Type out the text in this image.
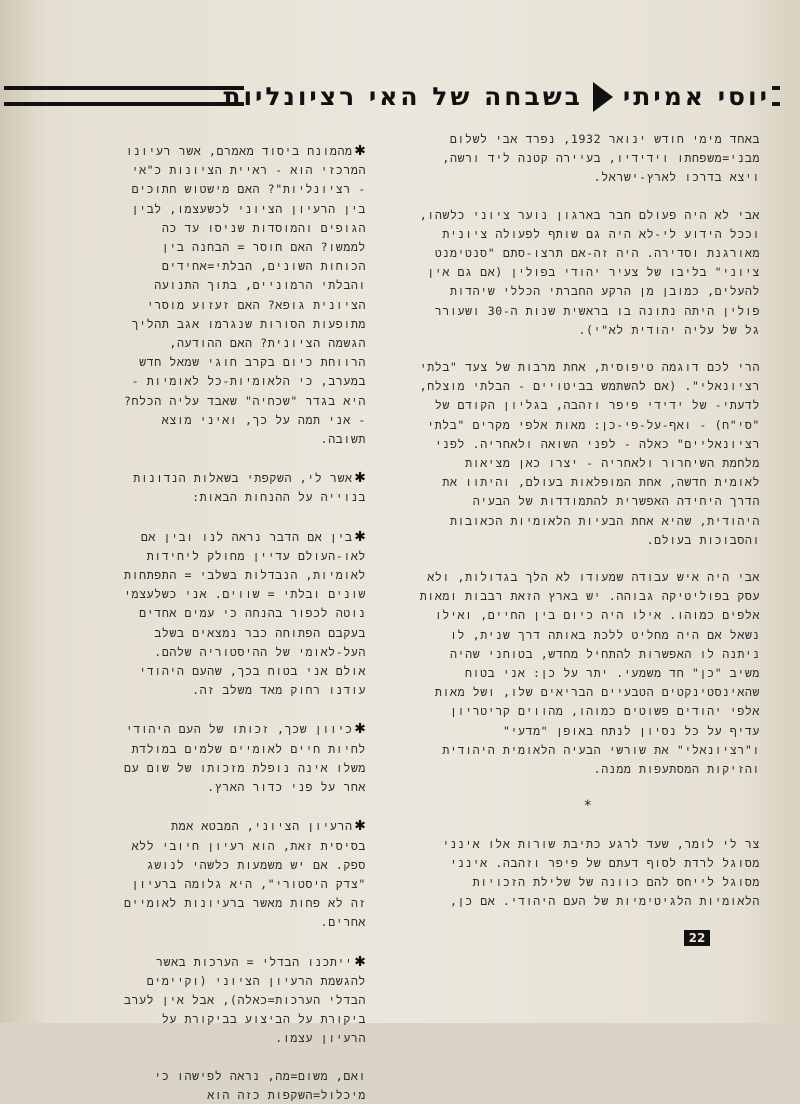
יוסי אמיתי
בשבחה של האי רציונליות

באחד מימי חודש ינואר 1932, נפרד אבי לשלום מבני=משפחתו וידידיו, בעיירה קטנה ליד ורשה, ויצא בדרכו לארץ-ישראל.

אבי לא היה פעולם חבר בארגון נוער ציוני כלשהו, וככל הידוע לי-לא היה גם שותף לפעולה ציונית מאורגנת וסדירה. היה זה-אם תרצו-סתם "סנטימנט ציוני" בליבו של צעיר יהודי בפולין (אם גם אין להעלים, כמובן מן הרקע החברתי הכללי שיהדות פולין היתה נתונה בו בראשית שנות ה-30 ושעורר גל של עליה יהודית לא"י).

הרי לכם דוגמה טיפוסית, אחת מרבות של צעד "בלתי רציונאלי". (אם להשתמש בביטויים - הבלתי מוצלח, לדעתי- של ידידי פיפר וזהבה, בגליון הקודם של "סי"ח) - ואף-על-פי-כן: מאות אלפי מקרים "בלתי רציונאליים" כאלה - לפני השואה ולאחריה. לפני מלחמת השיחרור ולאחריה - יצרו כאן מציאות לאומית חדשה, אחת המופלאות בעולם, והיתוו את הדרך היחידה האפשרית להתמודדות של הבעיה היהודית, שהיא אחת הבעיות הלאומיות הכאובות והסבוכות בעולם.

אבי היה איש עבודה שמעודו לא הלך בגדולות, ולא עסק בפוליטיקה גבוהה. יש בארץ הזאת רבבות ומאות אלפים כמוהו. אילו היה כיום בין החיים, ואילו נשאל אם היה מחליט ללכת באותה דרך שנית, לו ניתנה לו האפשרות להתחיל מחדש, בטוחני שהיה משיב "כן" חד משמעי. יתר על כן: אני בטוח שהאינסטינקטים הטבעיים הבריאים שלו, ושל מאות אלפי יהודים פשוטים כמוהו, מהווים קריטריון עדיף על כל נסיון לנתח באופן "מדעי" ו"רציונאלי" את שורשי הבעיה הלאומית היהודית והזיקות המסתעפות ממנה.

*

צר לי לומר, שעד לרגע כתיבת שורות אלו אינני מסוגל לרדת לסוף דעתם של פיפר וזהבה. אינני מסוגל לייחס להם כוונה של שלילת הזכויות הלאומיות הלגיטימיות של העם היהודי. אם כן,

✱מהמונח ביסוד מאמרם, אשר רעיונו המרכזי הוא - ראיית הציונות כ"אי - רציונליות"? האם מישטוש חתוכים בין הרעיון הציוני לכשעצמו, לבין הגופים והמוסדות שניסו עד כה לממשו? האם חוסר = הבחנה בין הכוחות השונים, הבלתי=אחידים והבלתי הרמוניים, בתוך התנועה הציונית גופא? האם זעזוע מוסרי מתופעות הסורות שנגרמו אגב תהליך הגשמה הציונית? האם ההודעה, הרווחת כיום בקרב חוגי שמאל חדש במערב, כי הלאומיות-כל לאומיות - היא בגדר "שכחיה" שאבד עליה הכלח? - אני תמה על כך, ואיני מוצא תשובה.

✱אשר לי, השקפתי בשאלות הנדונות בנוייה על ההנחות הבאות:

✱בין אם הדבר נראה לנו ובין אם לאו-העולם עדיין מחולק ליחידות לאומיות, הנבדלות בשלבי = התפתחות שונים ובלתי = שווים. אני כשלעצמי נוטה לכפור בהנחה כי עמים אחדים בעקבם הפתוחה כבר נמצאים בשלב העל-לאומי של ההיסטוריה שלהם. אולם אני בטוח בכך, שהעם היהודי עודנו רחוק מאד משלב זה.

✱כיוון שכך, זכותו של העם היהודי לחיות חיים לאומיים שלמים במולדת משלו אינה נופלת מזכותו של שום עם אחר על פני כדור הארץ.

✱הרעיון הציוני, המבטא אמת בסיסית זאת, הוא רעיון חיובי ללא ספק. אם יש משמעות כלשהי לנושג "צדק היסטורי", היא גלומה ברעיון זה לא פחות מאשר ברעיונות לאומיים אחרים.

✱ייתכנו הבדלי = הערכות באשר להגשמת הרעיון הציוני (וקיימים הבדלי הערכות=כאלה), אבל אין לערב ביקורת על הביצוע בביקורת על הרעיון עצמו.

ואם, משום=מה, נראה לפישהו כי מיכלול=השקפות כזה הוא

22
